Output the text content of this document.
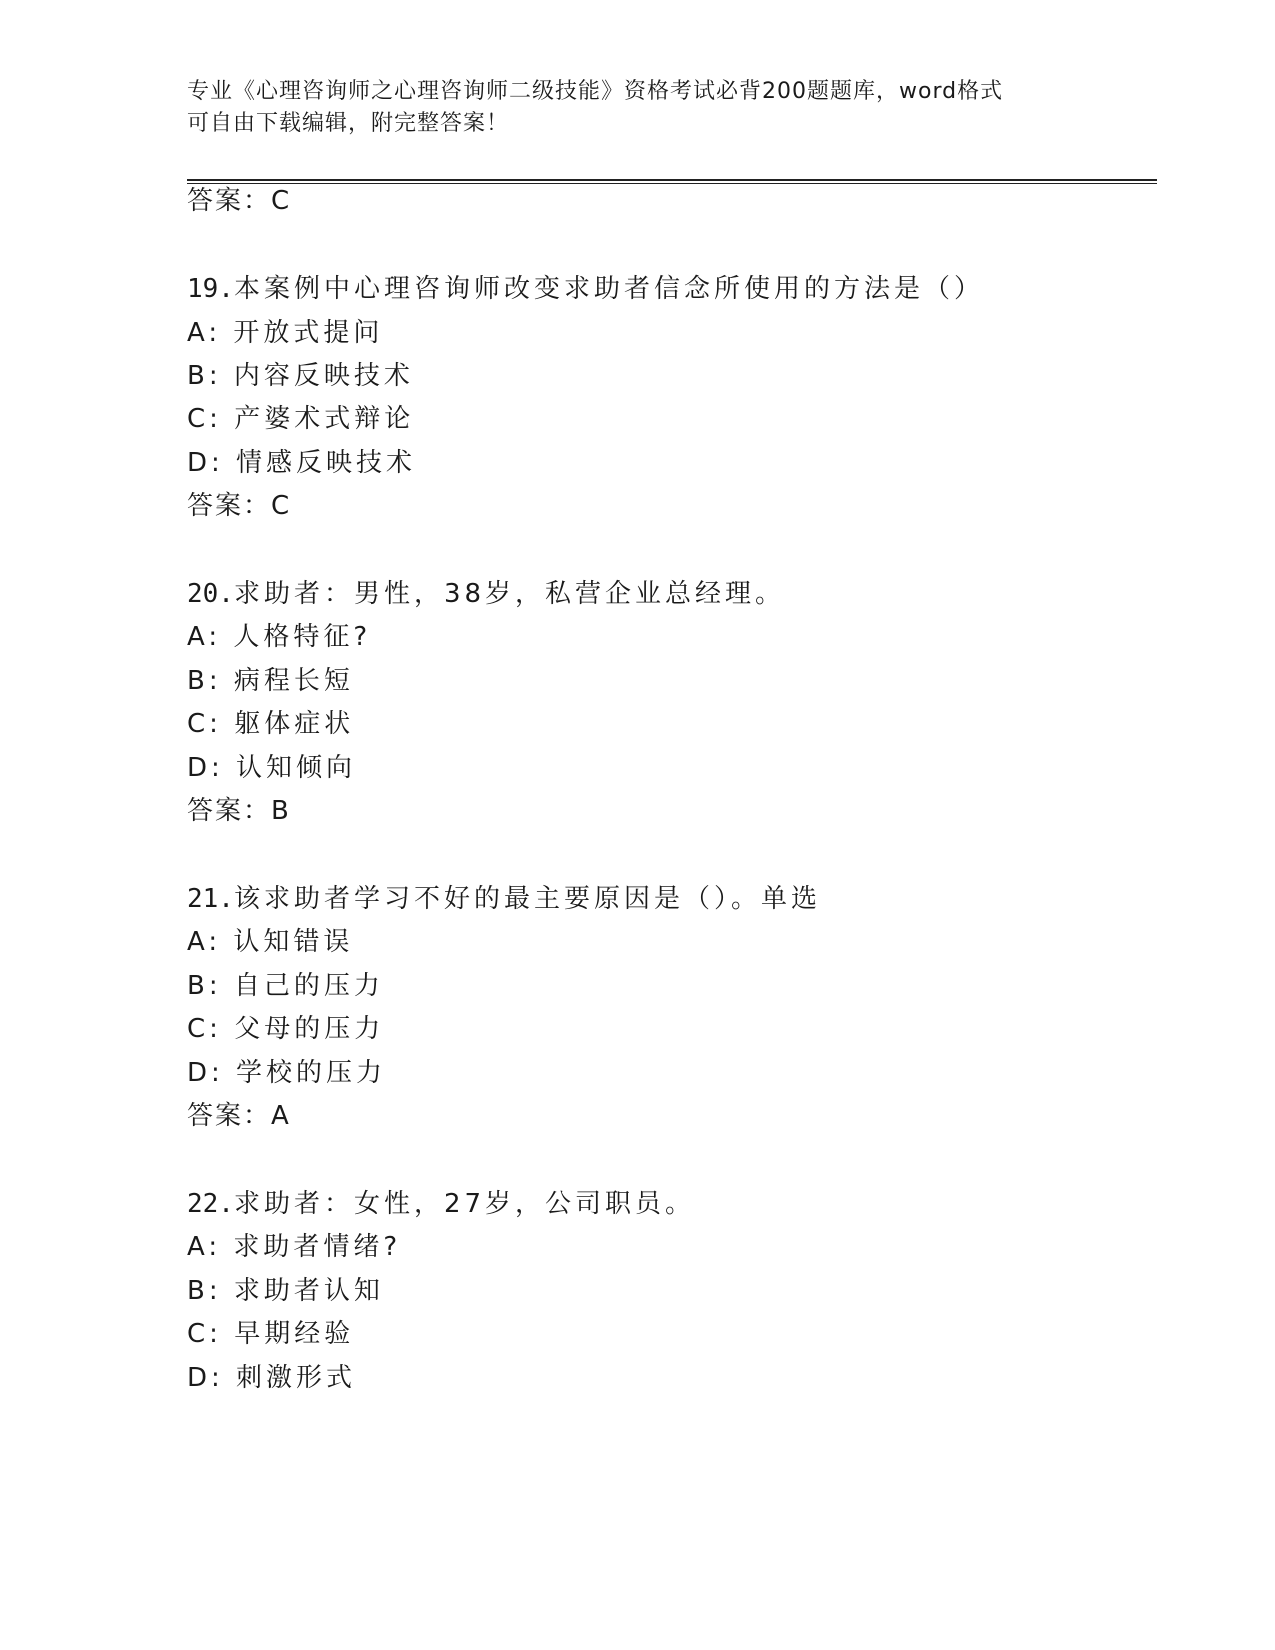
专业《心理咨询师之心理咨询师二级技能》资格考试必背200题题库，word格式
可自由下载编辑，附完整答案！
答案：C
19.本案例中心理咨询师改变求助者信念所使用的方法是（）
A: 开放式提问
B: 内容反映技术
C: 产婆术式辩论
D: 情感反映技术
答案：C
20.求助者：男性，38岁，私营企业总经理。
A: 人格特征?
B: 病程长短
C: 躯体症状
D: 认知倾向
答案：B
21.该求助者学习不好的最主要原因是（）。单选
A: 认知错误
B: 自己的压力
C: 父母的压力
D: 学校的压力
答案：A
22.求助者：女性，27岁，公司职员。
A: 求助者情绪?
B: 求助者认知
C: 早期经验
D: 刺激形式
